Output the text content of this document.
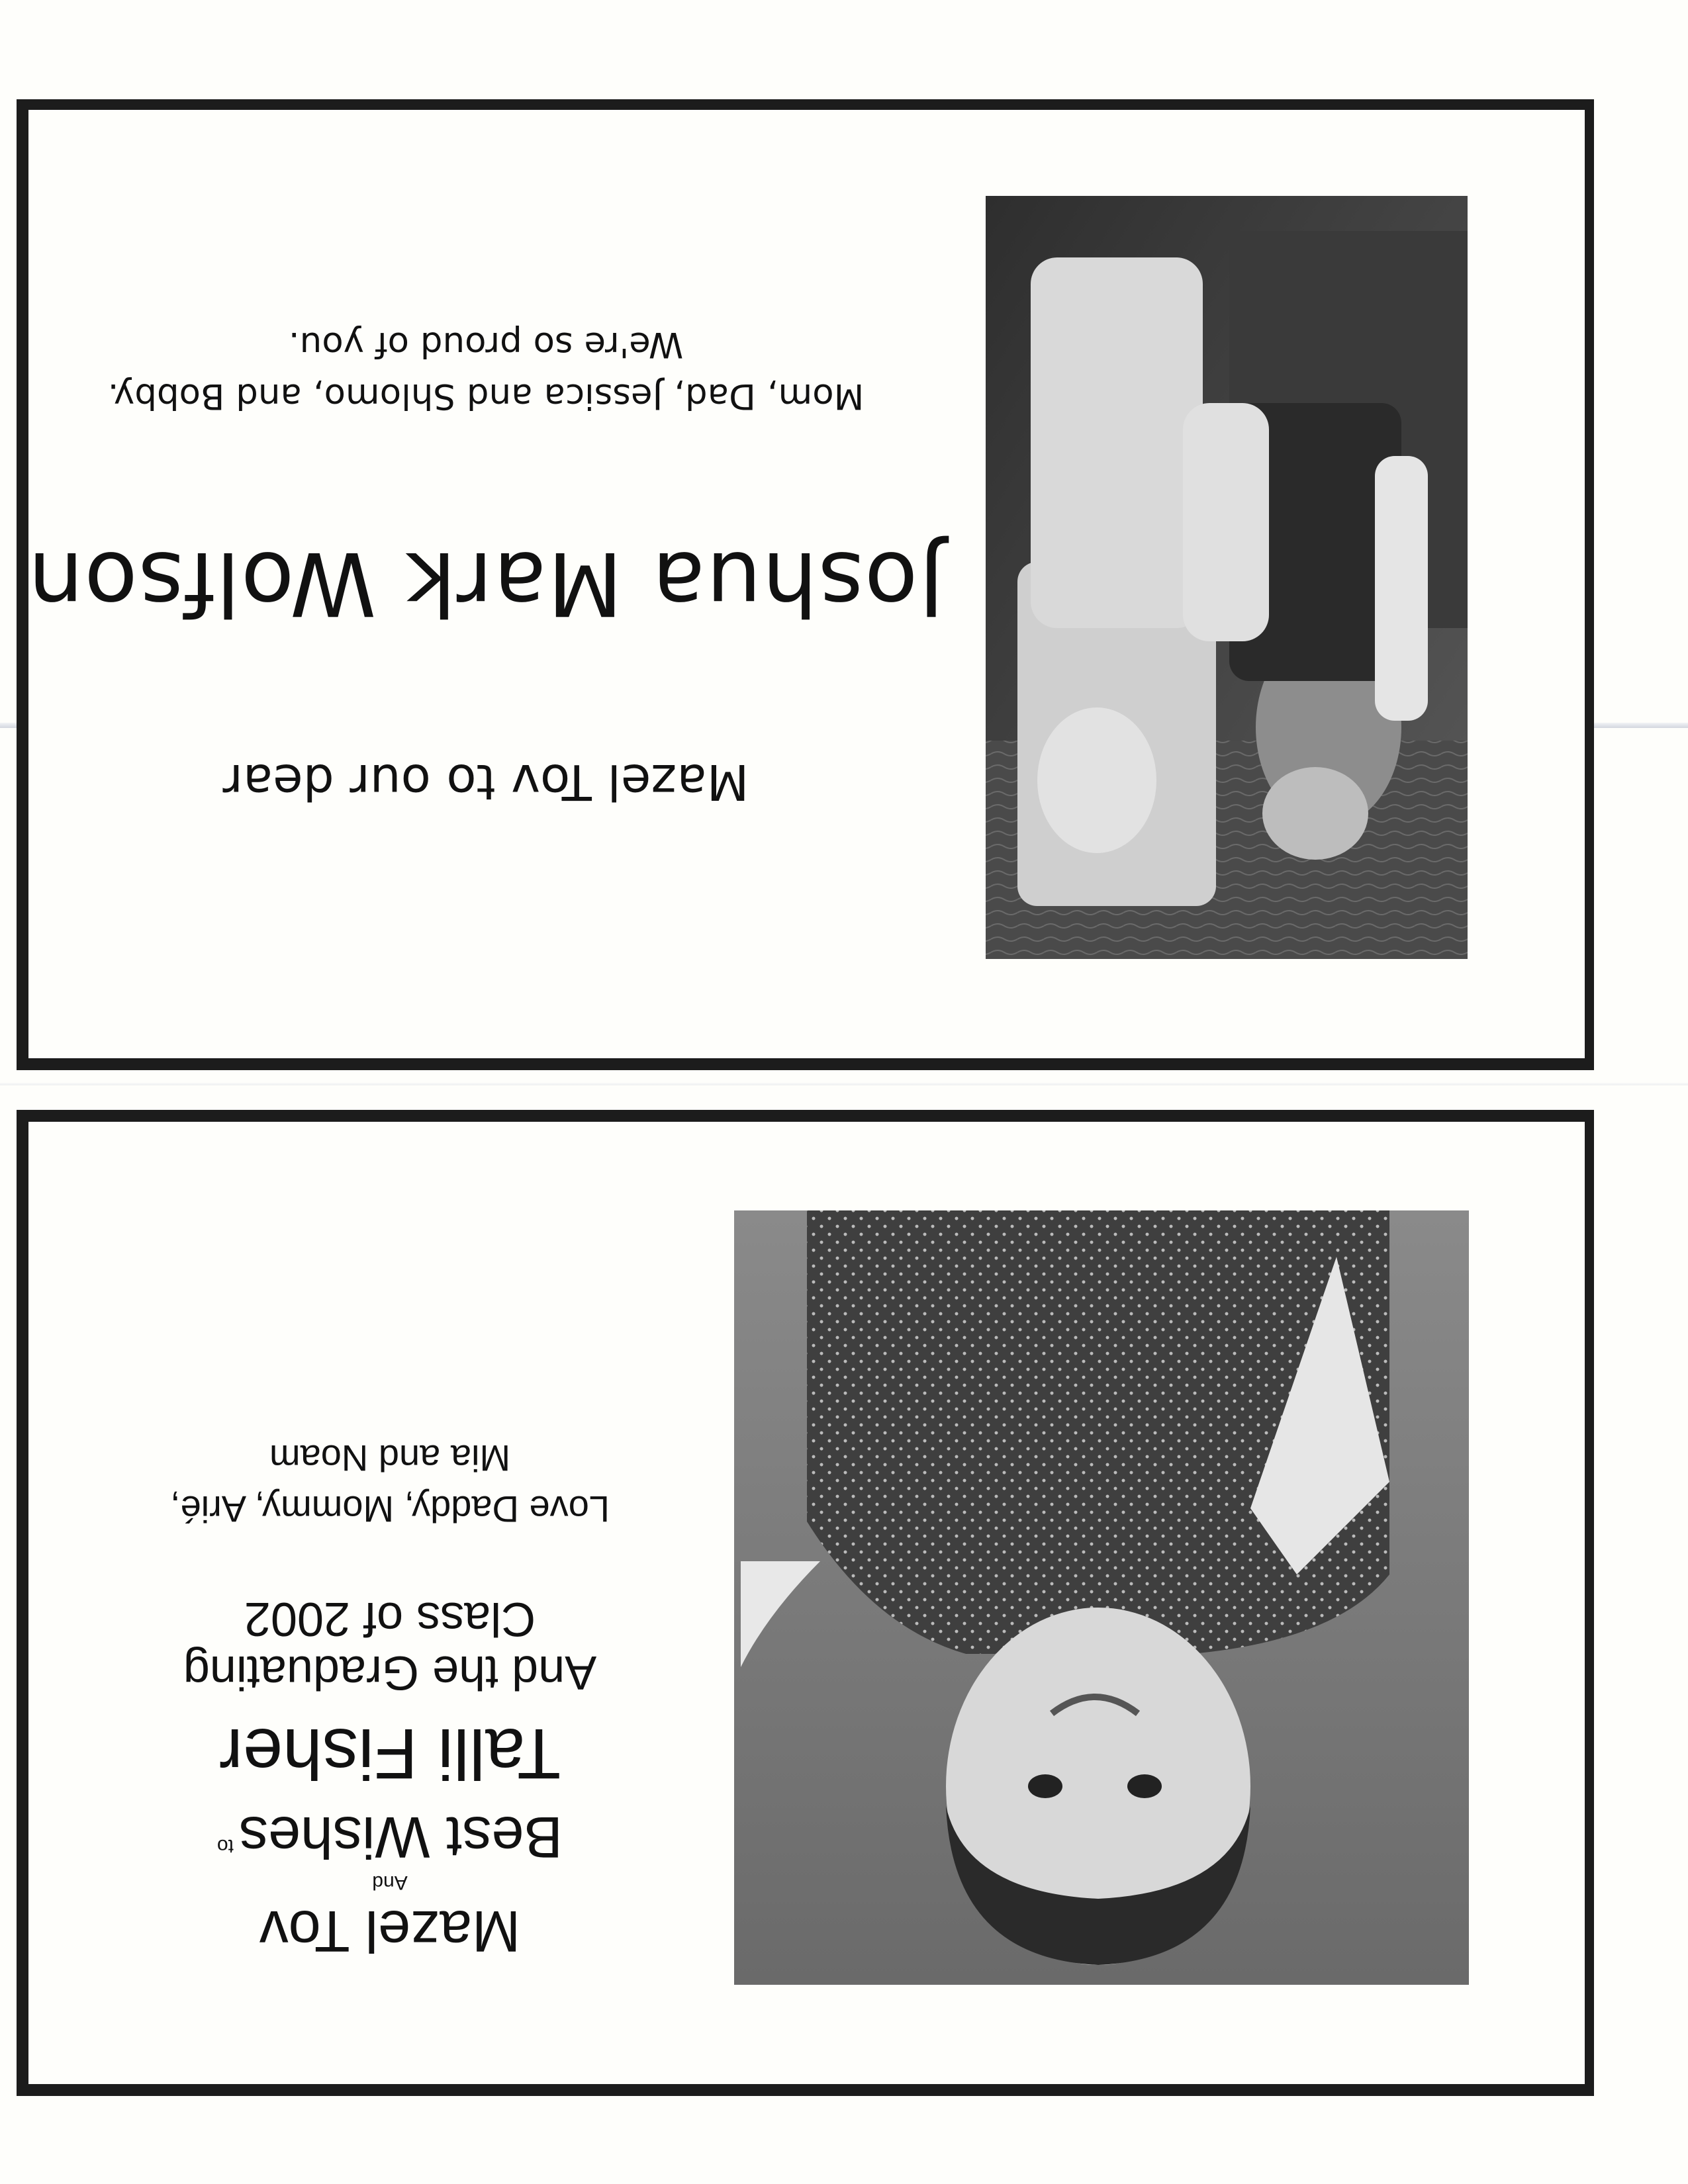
Mazel Tov to our dear
Joshua Mark Wolfson
Mom, Dad, Jessica and Shlomo, and Bobby.
We're so proud of you.
Mazel Tov
And
Best Wishesto
Talli Fisher
And the Graduating
Class of 2002
Love Daddy, Mommy, Arié,
Mia and Noam
